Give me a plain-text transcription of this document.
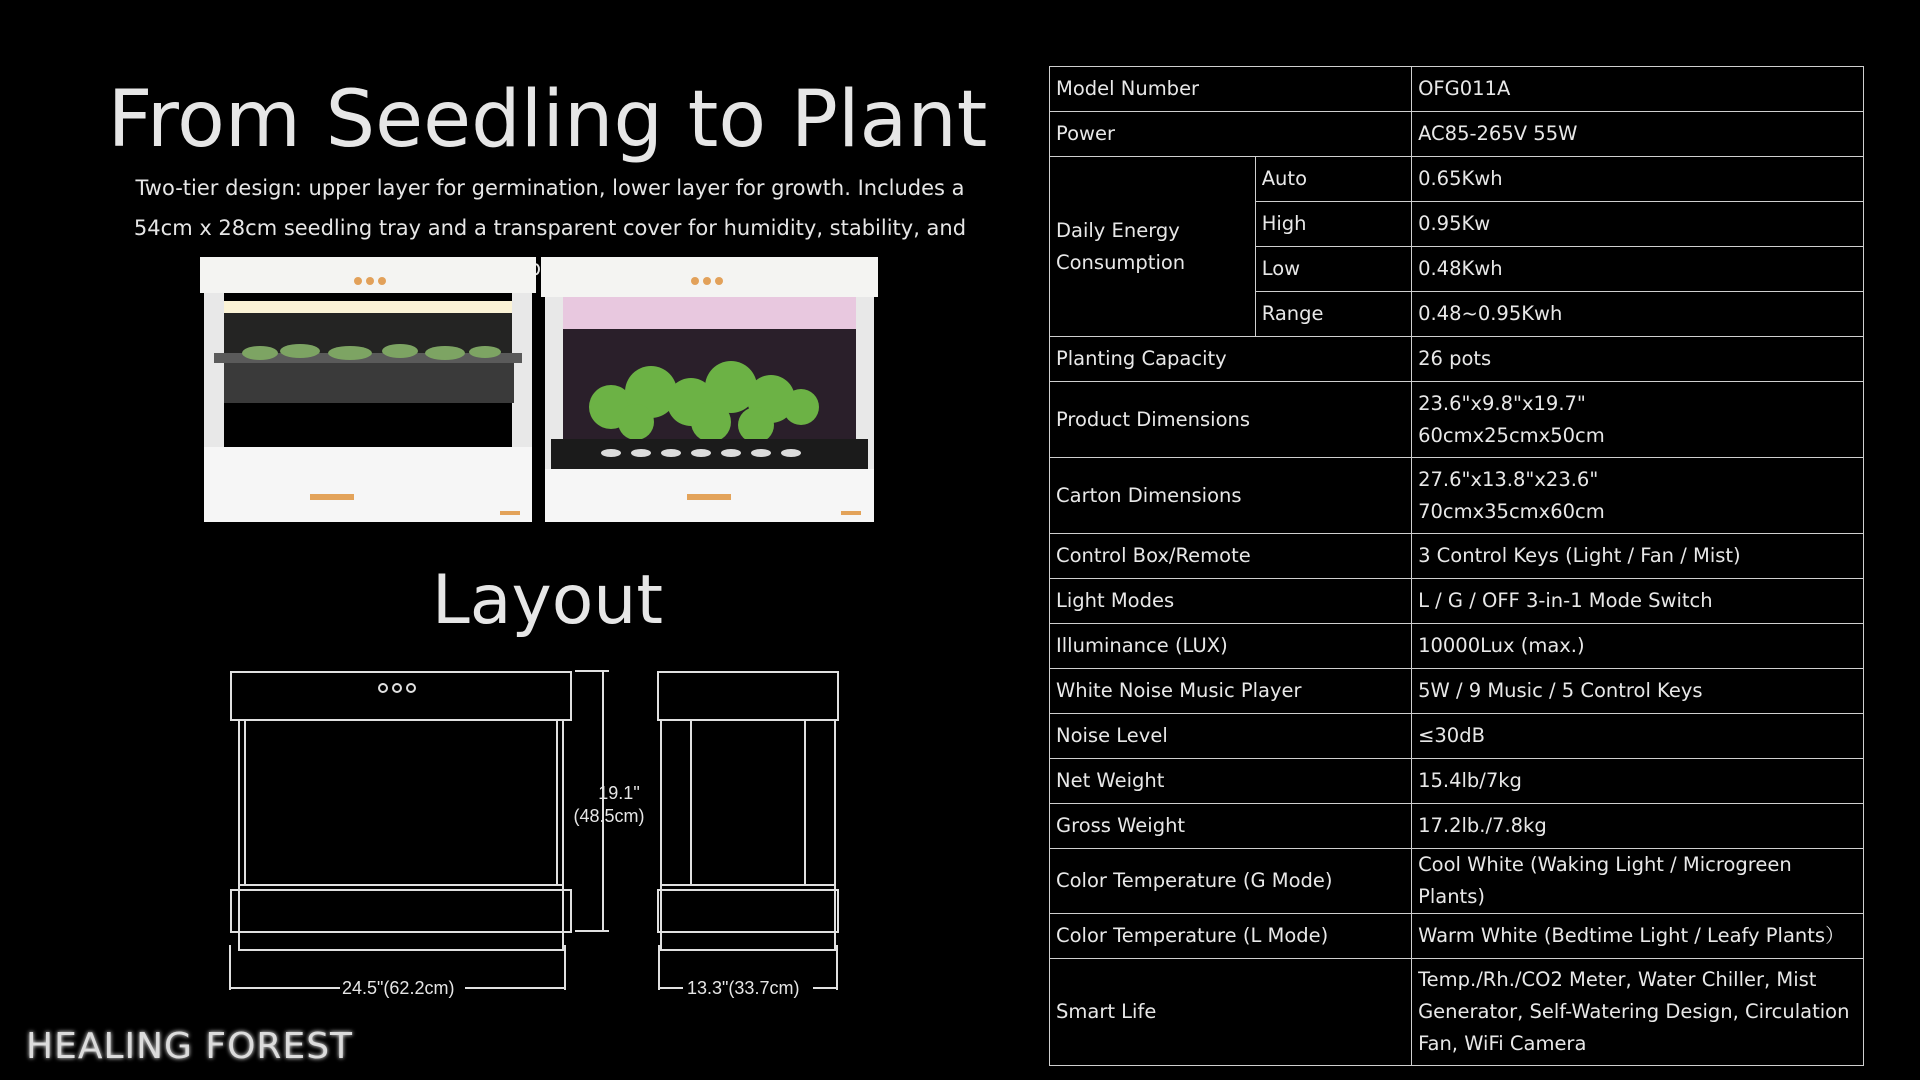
From Seedling to Plant
Two-tier design: upper layer for germination, lower layer for growth. Includes a 54cm x 28cm seedling tray and a transparent cover for humidity, stability, and
Layout
19.1"
(48.5cm)
24.5"(62.2cm)	13.3"(33.7cm)
HEALING FOREST
Model Number		OFG011A
Power		AC85-265V 55W
Daily Energy Consumption	Auto	0.65Kwh
	High	0.95Kw
	Low	0.48Kwh
	Range	0.48~0.95Kwh
Planting Capacity		26 pots
Product Dimensions		23.6"x9.8"x19.7"
60cmx25cmx50cm

Carton Dimensions		27.6"x13.8"x23.6"
70cmx35cmx60cm

Control Box/Remote		3 Control Keys (Light / Fan / Mist)
Light Modes		L / G / OFF 3-in-1 Mode Switch
Illuminance (LUX)		10000Lux (max.)
White Noise Music Player		5W / 9 Music / 5 Control Keys
Noise Level		≤30dB
Net Weight		15.4lb/7kg
Gross Weight		17.2lb./7.8kg
Color Temperature (G Mode)		Cool White (Waking Light / Microgreen Plants)
Color Temperature (L Mode)		Warm White (Bedtime Light / Leafy Plants）
Smart Life		Temp./Rh./CO2 Meter, Water Chiller, Mist
Generator, Self-Watering Design, Circulation
Fan, WiFi Camera
